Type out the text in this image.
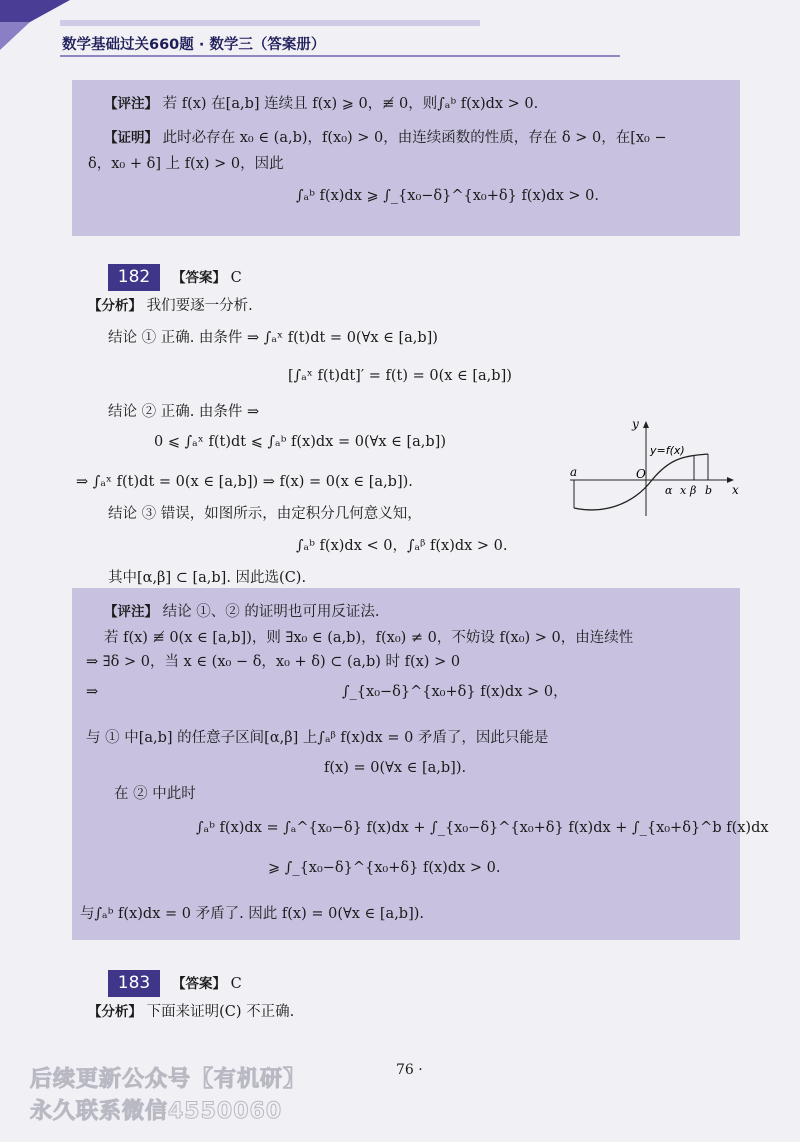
数学基础过关660题 · 数学三（答案册）
【评注】 若 f(x) 在[a,b] 连续且 f(x) ⩾ 0，≢ 0，则∫ₐᵇ f(x)dx > 0.
【证明】 此时必存在 x₀ ∈ (a,b)，f(x₀) > 0，由连续函数的性质，存在 δ > 0，在[x₀ −
δ，x₀ + δ] 上 f(x) > 0，因此
∫ₐᵇ f(x)dx ⩾ ∫_{x₀−δ}^{x₀+δ} f(x)dx > 0.
182	【答案】 C
【分析】 我们要逐一分析.
结论 ① 正确. 由条件 ⇒ ∫ₐˣ f(t)dt = 0(∀x ∈ [a,b])
[∫ₐˣ f(t)dt]′ = f(t) = 0(x ∈ [a,b])
结论 ② 正确. 由条件 ⇒
0 ⩽ ∫ₐˣ f(t)dt ⩽ ∫ₐᵇ f(x)dx = 0(∀x ∈ [a,b])
⇒ ∫ₐˣ f(t)dt = 0(x ∈ [a,b]) ⇒ f(x) = 0(x ∈ [a,b]).
结论 ③ 错误，如图所示，由定积分几何意义知，
∫ₐᵇ f(x)dx < 0，∫ₐᵝ f(x)dx > 0.
其中[α,β] ⊂ [a,b]. 因此选(C).
y
x
O
a
α x β b
y=f(x)
【评注】 结论 ①、② 的证明也可用反证法.
若 f(x) ≢ 0(x ∈ [a,b])，则 ∃x₀ ∈ (a,b)，f(x₀) ≠ 0，不妨设 f(x₀) > 0，由连续性
⇒ ∃δ > 0，当 x ∈ (x₀ − δ，x₀ + δ) ⊂ (a,b) 时 f(x) > 0
⇒	∫_{x₀−δ}^{x₀+δ} f(x)dx > 0，
与 ① 中[a,b] 的任意子区间[α,β] 上∫ₐᵝ f(x)dx = 0 矛盾了，因此只能是
f(x) = 0(∀x ∈ [a,b]).
在 ② 中此时
∫ₐᵇ f(x)dx = ∫ₐ^{x₀−δ} f(x)dx + ∫_{x₀−δ}^{x₀+δ} f(x)dx + ∫_{x₀+δ}^b f(x)dx
⩾ ∫_{x₀−δ}^{x₀+δ} f(x)dx > 0.
与∫ₐᵇ f(x)dx = 0 矛盾了. 因此 f(x) = 0(∀x ∈ [a,b]).
183	【答案】 C
【分析】 下面来证明(C) 不正确.
76 ·
后续更新公众号【有机研】
永久联系微信4550060
